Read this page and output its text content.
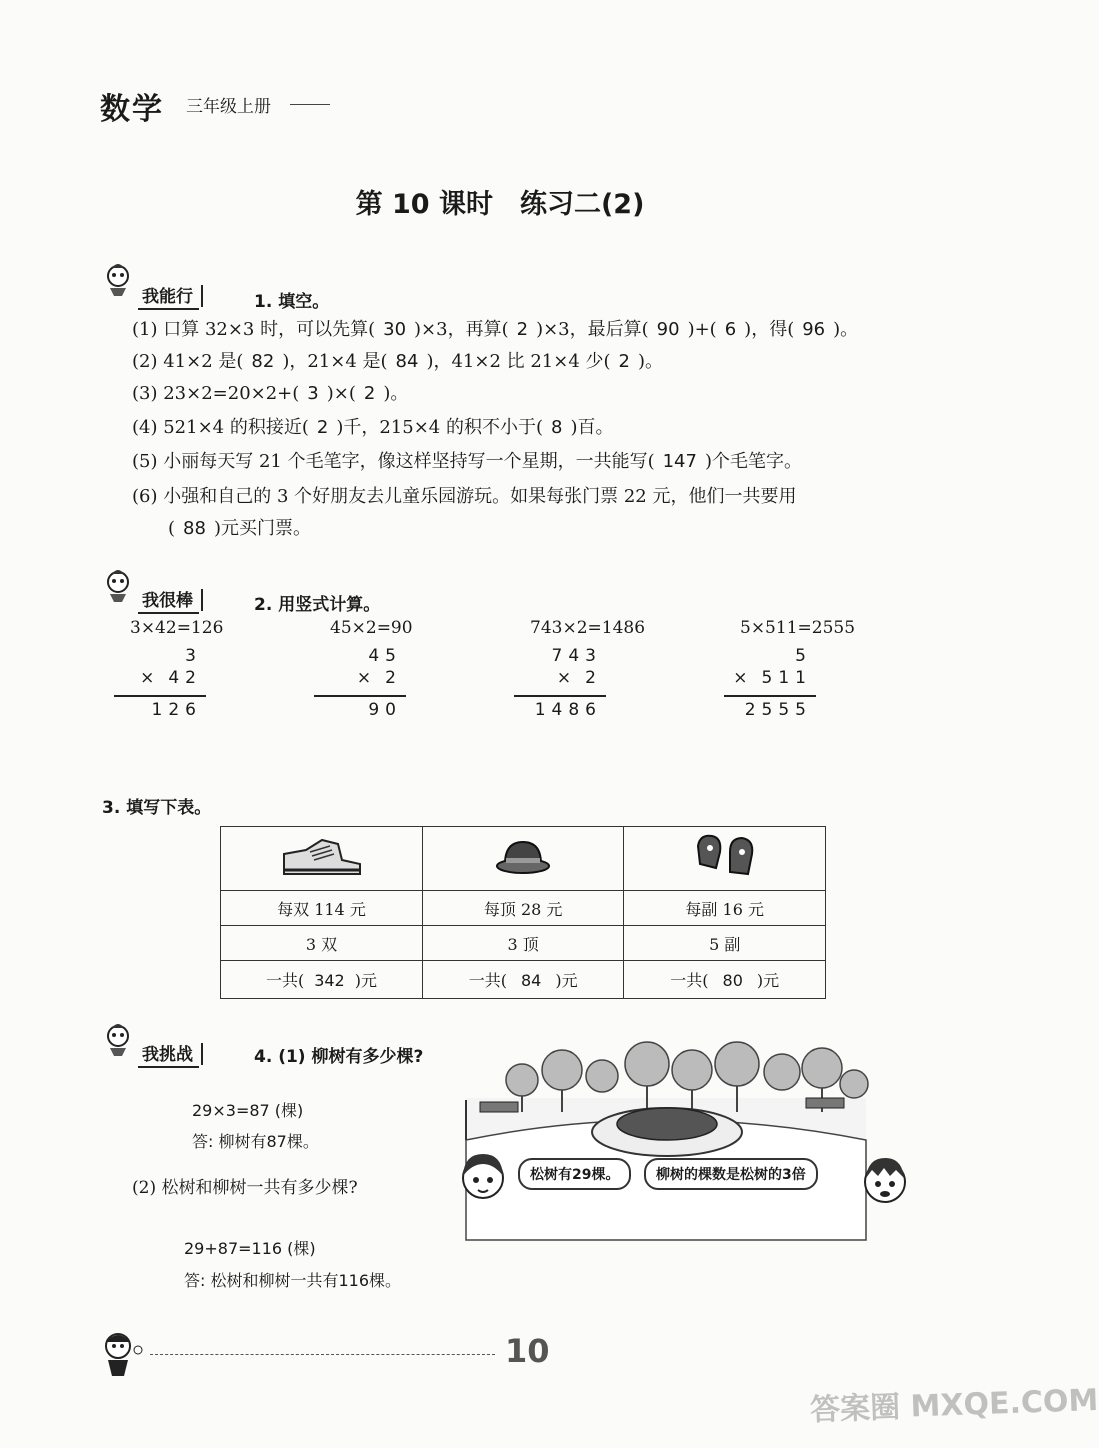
数学 三年级上册
第 10 课时　练习二(2)
我能行	1. 填空。
(1) 口算 32×3 时，可以先算( 30 )×3，再算( 2 )×3，最后算( 90 )+( 6 )，得( 96 )。
(2) 41×2 是( 82 )，21×4 是( 84 )，41×2 比 21×4 少( 2 )。
(3) 23×2=20×2+( 3 )×( 2 )。
(4) 521×4 的积接近( 2 )千，215×4 的积不小于( 8 )百。
(5) 小丽每天写 21 个毛笔字，像这样坚持写一个星期，一共能写( 147 )个毛笔字。
(6) 小强和自己的 3 个好朋友去儿童乐园游玩。如果每张门票 22 元，他们一共要用
　　( 88 )元买门票。
我很棒	2. 用竖式计算。
3×42=126
3
× 42
126
45×2=90
45
× 2
90
743×2=1486
743
× 2
1486
5×511=2555
5
× 511
2555
3. 填写下表。

每双 114 元	每顶 28 元	每副 16 元
3 双	3 顶	5 副
一共( 342 )元	一共( 84 )元	一共( 80 )元
我挑战	4. (1) 柳树有多少棵?
29×3=87 (棵)
答: 柳树有87棵。
(2) 松树和柳树一共有多少棵?
29+87=116 (棵)
答: 松树和柳树一共有116棵。
松树有29棵。	柳树的棵数是松树的3倍
10
答案圈 MXQE.COM
